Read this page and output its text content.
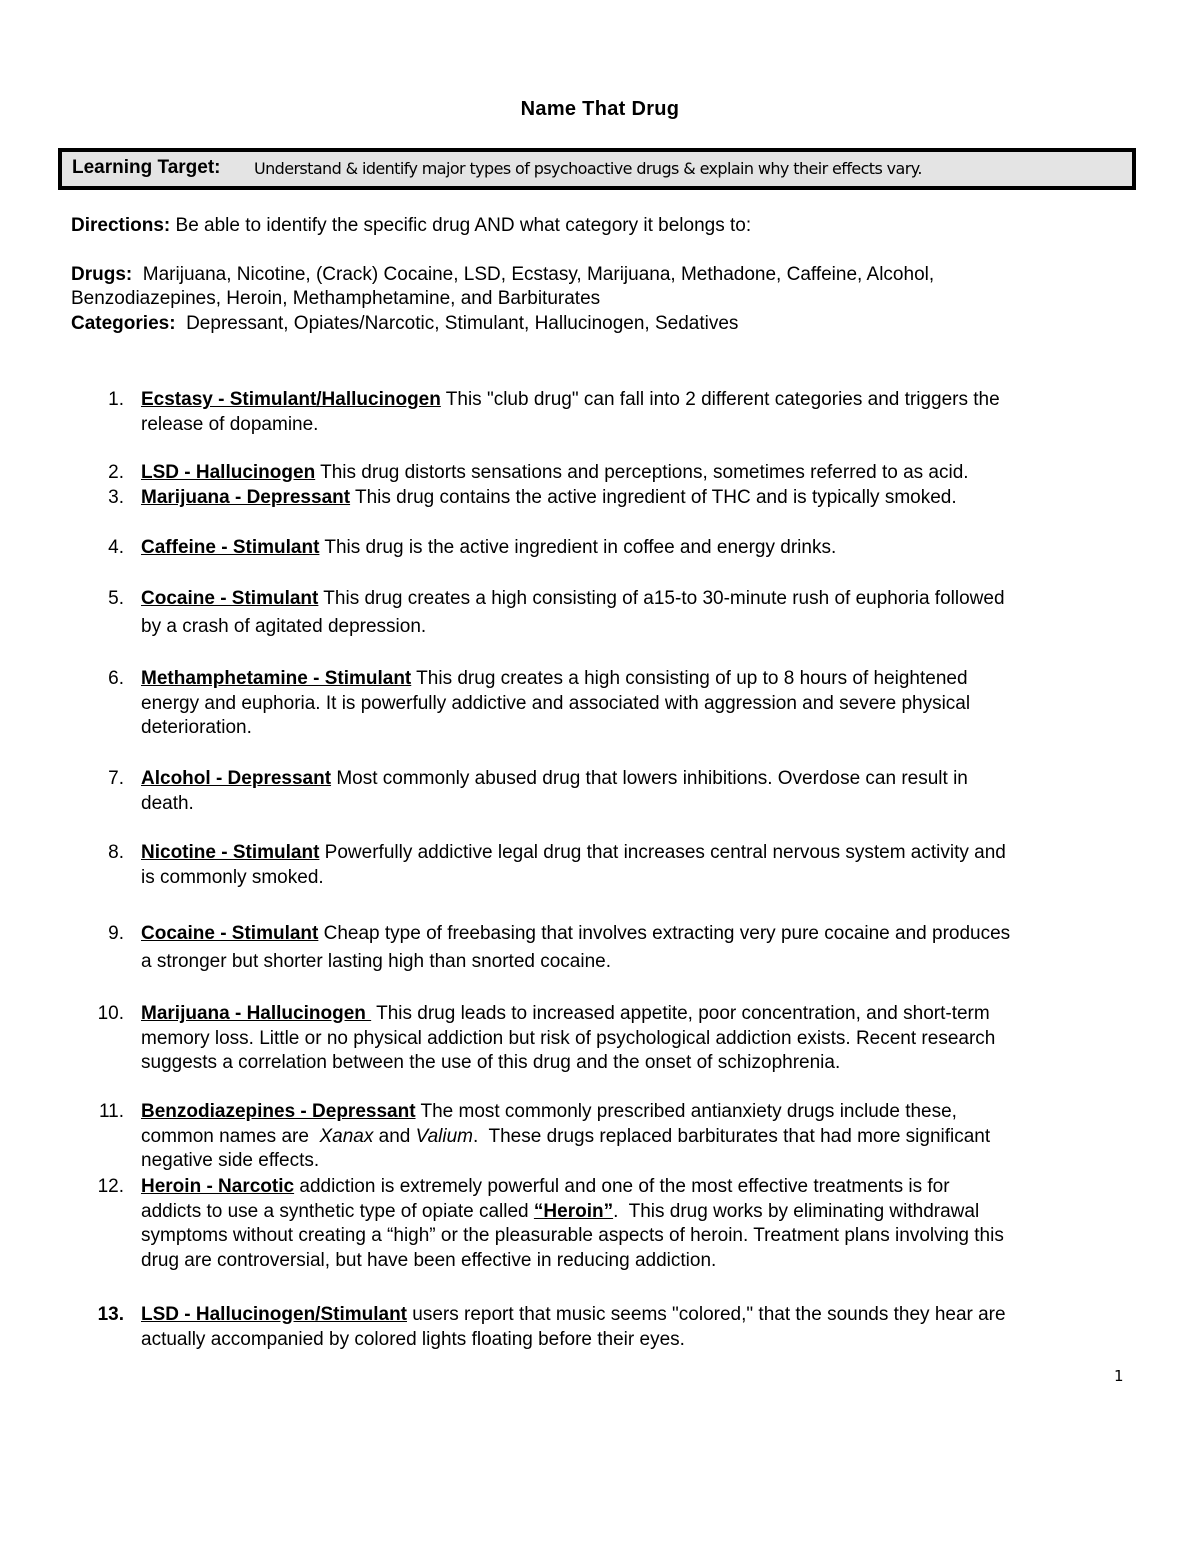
Name That Drug
Learning Target: Understand & identify major types of psychoactive drugs & explain why their effects vary.
Directions: Be able to identify the specific drug AND what category it belongs to:
Drugs:  Marijuana, Nicotine, (Crack) Cocaine, LSD, Ecstasy, Marijuana, Methadone, Caffeine, Alcohol,
Benzodiazepines, Heroin, Methamphetamine, and Barbiturates
Categories:  Depressant, Opiates/Narcotic, Stimulant, Hallucinogen, Sedatives
1. Ecstasy - Stimulant/Hallucinogen This "club drug" can fall into 2 different categories and triggers the
release of dopamine.
2. LSD - Hallucinogen This drug distorts sensations and perceptions, sometimes referred to as acid.
3. Marijuana - Depressant This drug contains the active ingredient of THC and is typically smoked.
4. Caffeine - Stimulant This drug is the active ingredient in coffee and energy drinks.
5. Cocaine - Stimulant This drug creates a high consisting of a15-to 30-minute rush of euphoria followed
by a crash of agitated depression.
6. Methamphetamine - Stimulant This drug creates a high consisting of up to 8 hours of heightened
energy and euphoria. It is powerfully addictive and associated with aggression and severe physical
deterioration.
7. Alcohol - Depressant Most commonly abused drug that lowers inhibitions. Overdose can result in
death.
8. Nicotine - Stimulant Powerfully addictive legal drug that increases central nervous system activity and
is commonly smoked.
9. Cocaine - Stimulant Cheap type of freebasing that involves extracting very pure cocaine and produces
a stronger but shorter lasting high than snorted cocaine.
10. Marijuana - Hallucinogen  This drug leads to increased appetite, poor concentration, and short-term
memory loss. Little or no physical addiction but risk of psychological addiction exists. Recent research
suggests a correlation between the use of this drug and the onset of schizophrenia.
11. Benzodiazepines - Depressant The most commonly prescribed antianxiety drugs include these,
common names are  Xanax and Valium.  These drugs replaced barbiturates that had more significant
negative side effects.
12. Heroin - Narcotic addiction is extremely powerful and one of the most effective treatments is for
addicts to use a synthetic type of opiate called “Heroin”.  This drug works by eliminating withdrawal
symptoms without creating a “high” or the pleasurable aspects of heroin. Treatment plans involving this
drug are controversial, but have been effective in reducing addiction.
13. LSD - Hallucinogen/Stimulant users report that music seems "colored," that the sounds they hear are
actually accompanied by colored lights floating before their eyes.
1
